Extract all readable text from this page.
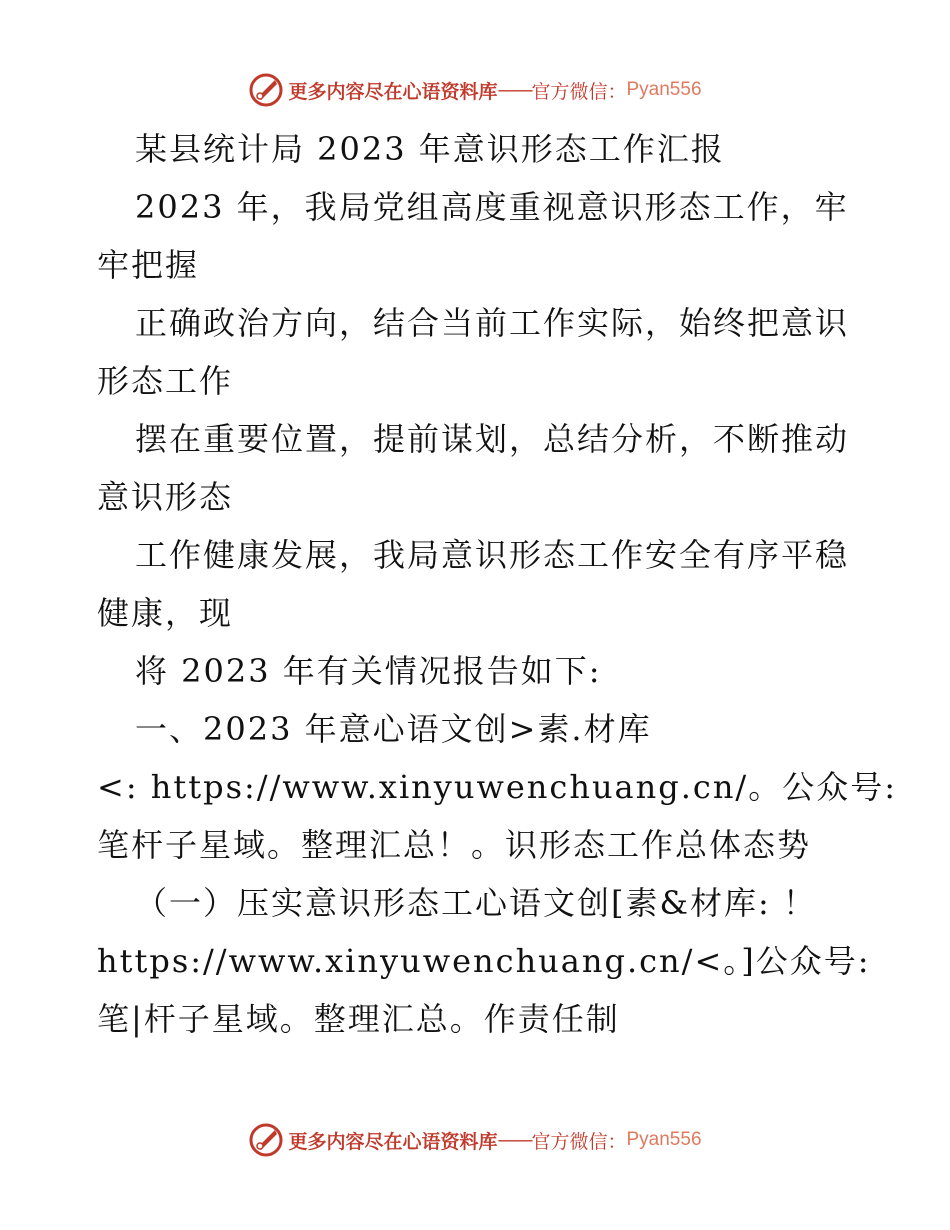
更多内容尽在心语资料库 —— 官方微信： Pyan556
某县统计局 2023 年意识形态工作汇报
2023 年，我局党组高度重视意识形态工作，牢
牢把握
正确政治方向，结合当前工作实际，始终把意识
形态工作
摆在重要位置，提前谋划，总结分析，不断推动
意识形态
工作健康发展，我局意识形态工作安全有序平稳
健康，现
将 2023 年有关情况报告如下:
一、2023 年意心语文创>素.材库
<: https://www.xinyuwenchuang.cn/。公众号:
笔杆子星域。整理汇总！。识形态工作总体态势
（一）压实意识形态工心语文创[素&材库: ！
https://www.xinyuwenchuang.cn/<。]公众号:
笔|杆子星域。整理汇总。作责任制
更多内容尽在心语资料库 —— 官方微信： Pyan556
